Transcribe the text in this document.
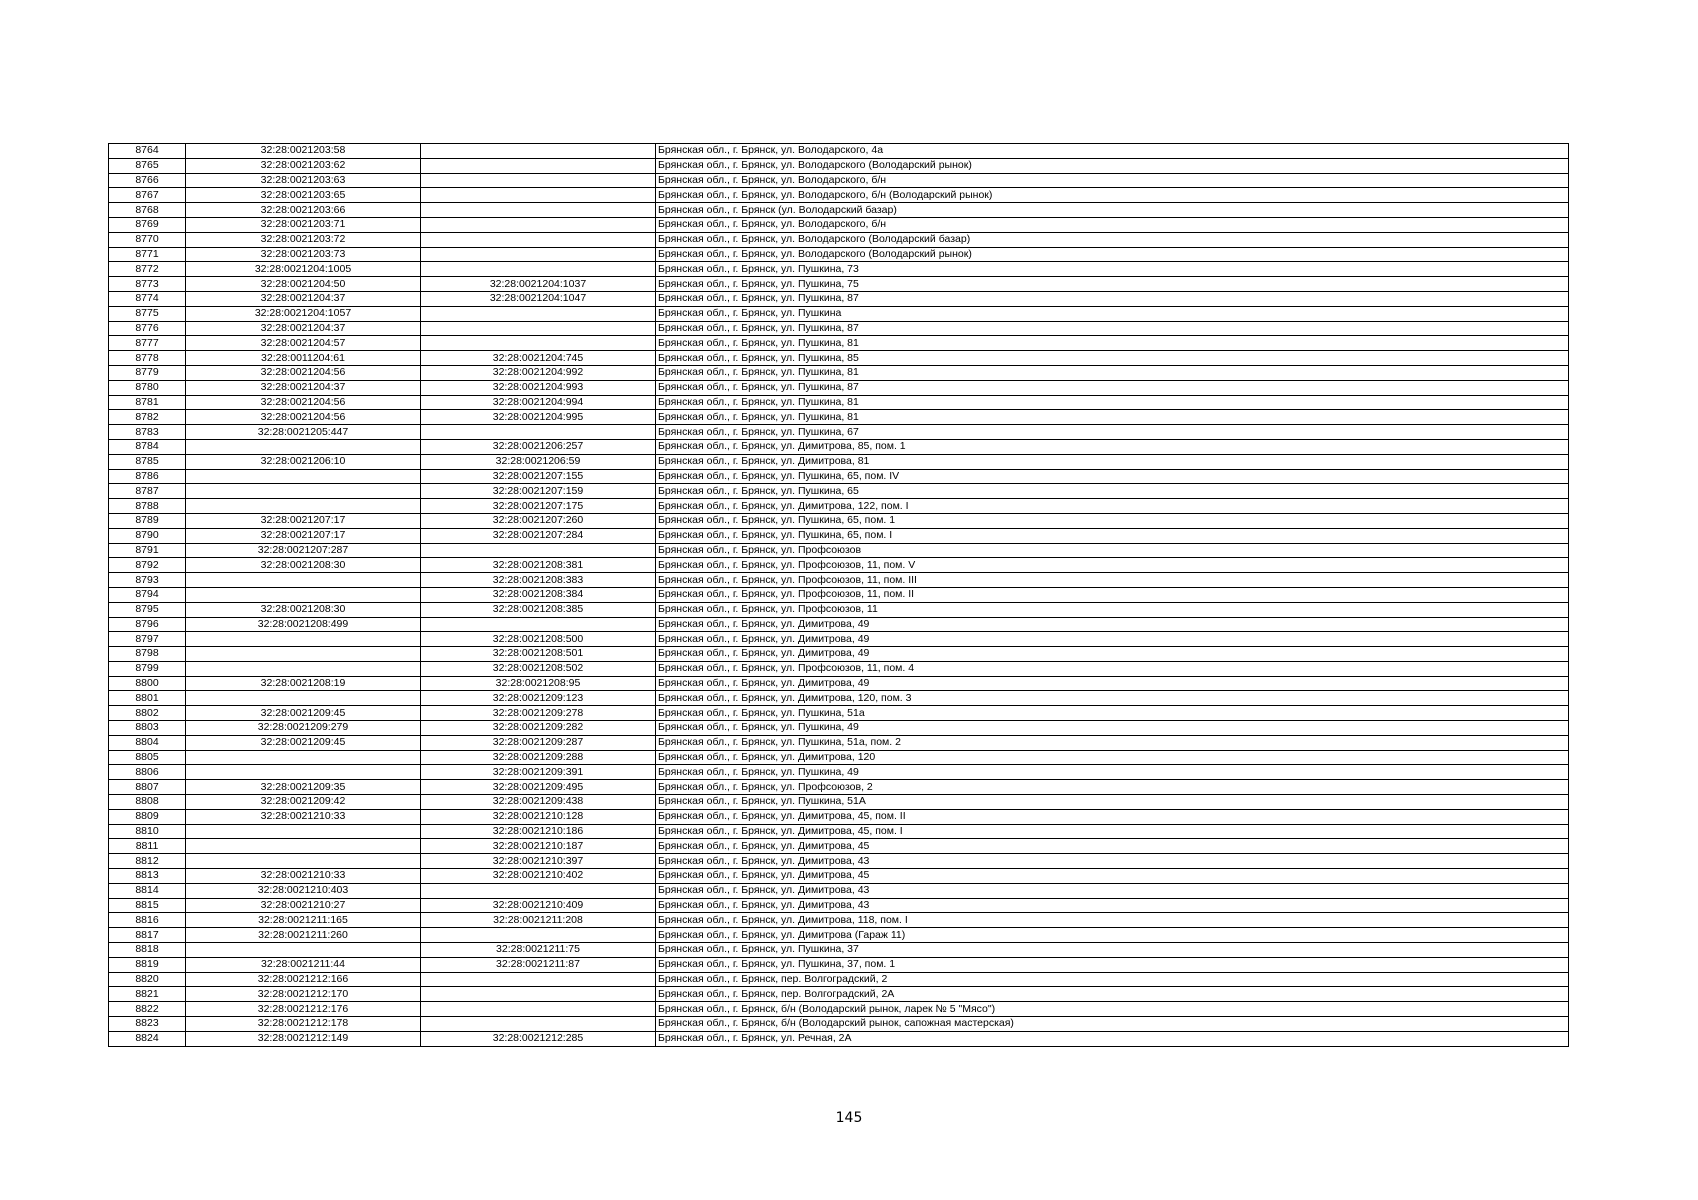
8764	32:28:0021203:58		Брянская обл., г. Брянск, ул. Володарского, 4а
8765	32:28:0021203:62		Брянская обл., г. Брянск, ул. Володарского (Володарский рынок)
8766	32:28:0021203:63		Брянская обл., г. Брянск, ул. Володарского, б/н
8767	32:28:0021203:65		Брянская обл., г. Брянск, ул. Володарского, б/н (Володарский рынок)
8768	32:28:0021203:66		Брянская обл., г. Брянск (ул. Володарский базар)
8769	32:28:0021203:71		Брянская обл., г. Брянск, ул. Володарского, б/н
8770	32:28:0021203:72		Брянская обл., г. Брянск, ул. Володарского (Володарский базар)
8771	32:28:0021203:73		Брянская обл., г. Брянск, ул. Володарского (Володарский рынок)
8772	32:28:0021204:1005		Брянская обл., г. Брянск, ул. Пушкина, 73
8773	32:28:0021204:50	32:28:0021204:1037	Брянская обл., г. Брянск, ул. Пушкина, 75
8774	32:28:0021204:37	32:28:0021204:1047	Брянская обл., г. Брянск, ул. Пушкина, 87
8775	32:28:0021204:1057		Брянская обл., г. Брянск, ул. Пушкина
8776	32:28:0021204:37		Брянская обл., г. Брянск, ул. Пушкина, 87
8777	32:28:0021204:57		Брянская обл., г. Брянск, ул. Пушкина, 81
8778	32:28:0011204:61	32:28:0021204:745	Брянская обл., г. Брянск, ул. Пушкина, 85
8779	32:28:0021204:56	32:28:0021204:992	Брянская обл., г. Брянск, ул. Пушкина, 81
8780	32:28:0021204:37	32:28:0021204:993	Брянская обл., г. Брянск, ул. Пушкина, 87
8781	32:28:0021204:56	32:28:0021204:994	Брянская обл., г. Брянск, ул. Пушкина, 81
8782	32:28:0021204:56	32:28:0021204:995	Брянская обл., г. Брянск, ул. Пушкина, 81
8783	32:28:0021205:447		Брянская обл., г. Брянск, ул. Пушкина, 67
8784		32:28:0021206:257	Брянская обл., г. Брянск, ул. Димитрова, 85, пом. 1
8785	32:28:0021206:10	32:28:0021206:59	Брянская обл., г. Брянск, ул. Димитрова, 81
8786		32:28:0021207:155	Брянская обл., г. Брянск, ул. Пушкина, 65, пом. IV
8787		32:28:0021207:159	Брянская обл., г. Брянск, ул. Пушкина, 65
8788		32:28:0021207:175	Брянская обл., г. Брянск, ул. Димитрова, 122, пом. I
8789	32:28:0021207:17	32:28:0021207:260	Брянская обл., г. Брянск, ул. Пушкина, 65, пом. 1
8790	32:28:0021207:17	32:28:0021207:284	Брянская обл., г. Брянск, ул. Пушкина, 65, пом. I
8791	32:28:0021207:287		Брянская обл., г. Брянск, ул. Профсоюзов
8792	32:28:0021208:30	32:28:0021208:381	Брянская обл., г. Брянск, ул. Профсоюзов, 11, пом. V
8793		32:28:0021208:383	Брянская обл., г. Брянск, ул. Профсоюзов, 11, пом. III
8794		32:28:0021208:384	Брянская обл., г. Брянск, ул. Профсоюзов, 11, пом. II
8795	32:28:0021208:30	32:28:0021208:385	Брянская обл., г. Брянск, ул. Профсоюзов, 11
8796	32:28:0021208:499		Брянская обл., г. Брянск, ул. Димитрова, 49
8797		32:28:0021208:500	Брянская обл., г. Брянск, ул. Димитрова, 49
8798		32:28:0021208:501	Брянская обл., г. Брянск, ул. Димитрова, 49
8799		32:28:0021208:502	Брянская обл., г. Брянск, ул. Профсоюзов, 11, пом. 4
8800	32:28:0021208:19	32:28:0021208:95	Брянская обл., г. Брянск, ул. Димитрова, 49
8801		32:28:0021209:123	Брянская обл., г. Брянск, ул. Димитрова, 120, пом. 3
8802	32:28:0021209:45	32:28:0021209:278	Брянская обл., г. Брянск, ул. Пушкина, 51а
8803	32:28:0021209:279	32:28:0021209:282	Брянская обл., г. Брянск, ул. Пушкина, 49
8804	32:28:0021209:45	32:28:0021209:287	Брянская обл., г. Брянск, ул. Пушкина, 51а, пом. 2
8805		32:28:0021209:288	Брянская обл., г. Брянск, ул. Димитрова, 120
8806		32:28:0021209:391	Брянская обл., г. Брянск, ул. Пушкина, 49
8807	32:28:0021209:35	32:28:0021209:495	Брянская обл., г. Брянск, ул. Профсоюзов, 2
8808	32:28:0021209:42	32:28:0021209:438	Брянская обл., г. Брянск, ул. Пушкина, 51А
8809	32:28:0021210:33	32:28:0021210:128	Брянская обл., г. Брянск, ул. Димитрова, 45, пом. II
8810		32:28:0021210:186	Брянская обл., г. Брянск, ул. Димитрова, 45, пом. I
8811		32:28:0021210:187	Брянская обл., г. Брянск, ул. Димитрова, 45
8812		32:28:0021210:397	Брянская обл., г. Брянск, ул. Димитрова, 43
8813	32:28:0021210:33	32:28:0021210:402	Брянская обл., г. Брянск, ул. Димитрова, 45
8814	32:28:0021210:403		Брянская обл., г. Брянск, ул. Димитрова, 43
8815	32:28:0021210:27	32:28:0021210:409	Брянская обл., г. Брянск, ул. Димитрова, 43
8816	32:28:0021211:165	32:28:0021211:208	Брянская обл., г. Брянск, ул. Димитрова, 118, пом. I
8817	32:28:0021211:260		Брянская обл., г. Брянск, ул. Димитрова (Гараж 11)
8818		32:28:0021211:75	Брянская обл., г. Брянск, ул. Пушкина, 37
8819	32:28:0021211:44	32:28:0021211:87	Брянская обл., г. Брянск, ул. Пушкина, 37, пом. 1
8820	32:28:0021212:166		Брянская обл., г. Брянск, пер. Волгоградский, 2
8821	32:28:0021212:170		Брянская обл., г. Брянск, пер. Волгоградский, 2А
8822	32:28:0021212:176		Брянская обл., г. Брянск, б/н (Володарский рынок, ларек № 5 "Мясо")
8823	32:28:0021212:178		Брянская обл., г. Брянск, б/н (Володарский рынок, сапожная мастерская)
8824	32:28:0021212:149	32:28:0021212:285	Брянская обл., г. Брянск, ул. Речная, 2А
145
